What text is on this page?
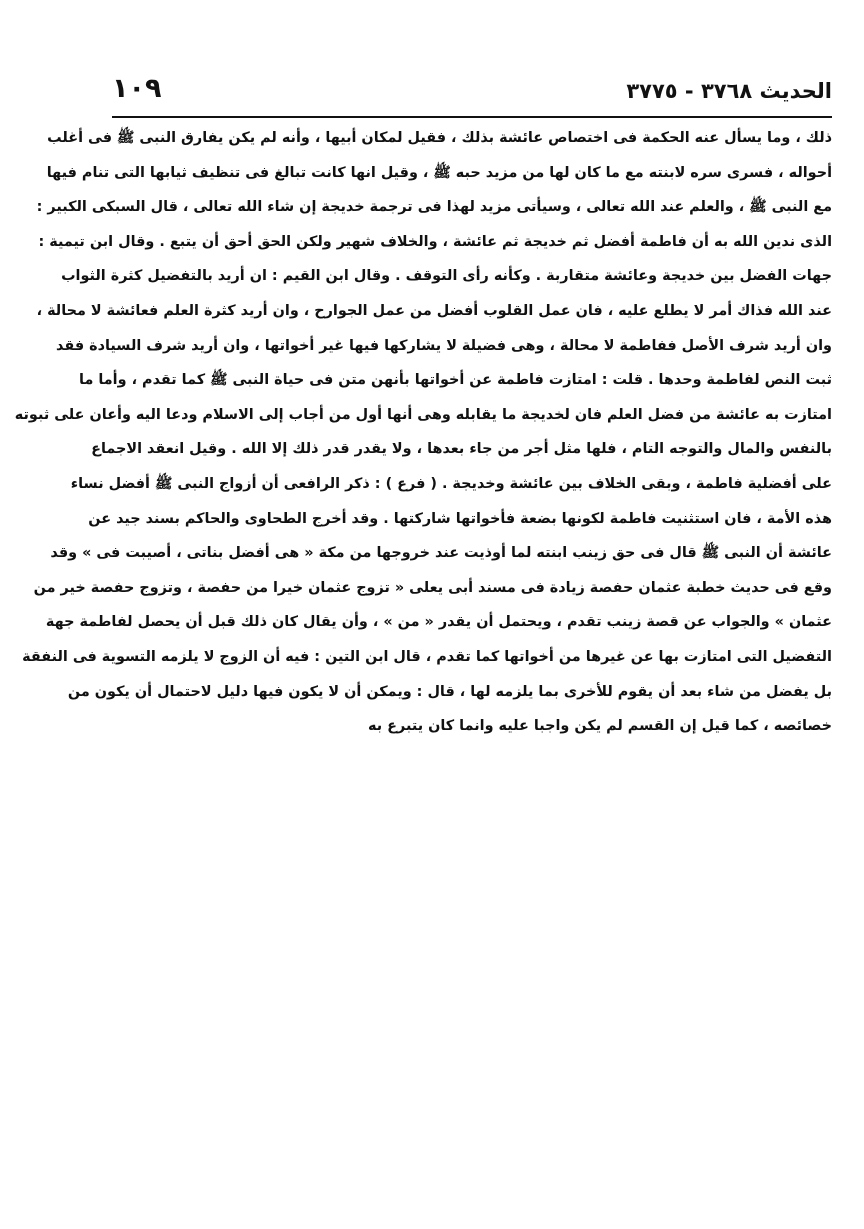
الحديث ٣٧٦٨ - ٣٧٧٥
١٠٩
ذلك ، وما يسأل عنه الحكمة فى اختصاص عائشة بذلك ، فقيل لمكان أبيها ، وأنه لم يكن يفارق النبى ﷺ فى أغلب
أحواله ، فسرى سره لابنته مع ما كان لها من مزيد حبه ﷺ ، وقيل انها كانت تبالغ فى تنظيف ثيابها التى تنام فيها
مع النبى ﷺ ، والعلم عند الله تعالى ، وسيأتى مزيد لهذا فى ترجمة خديجة إن شاء الله تعالى ، قال السبكى الكبير :
الذى ندين الله به أن فاطمة أفضل ثم خديجة ثم عائشة ، والخلاف شهير ولكن الحق أحق أن يتبع . وقال ابن تيمية :
جهات الفضل بين خديجة وعائشة متقاربة . وكأنه رأى التوقف . وقال ابن القيم : ان أريد بالتفضيل كثرة الثواب
عند الله فذاك أمر لا يطلع عليه ، فان عمل القلوب أفضل من عمل الجوارح ، وان أريد كثرة العلم فعائشة لا محالة ،
وان أريد شرف الأصل ففاطمة لا محالة ، وهى فضيلة لا يشاركها فيها غير أخواتها ، وان أريد شرف السيادة فقد
ثبت النص لفاطمة وحدها . قلت : امتازت فاطمة عن أخواتها بأنهن متن فى حياة النبى ﷺ كما تقدم ، وأما ما
امتازت به عائشة من فضل العلم فان لخديجة ما يقابله وهى أنها أول من أجاب إلى الاسلام ودعا اليه وأعان على ثبوته
بالنفس والمال والتوجه التام ، فلها مثل أجر من جاء بعدها ، ولا يقدر قدر ذلك إلا الله . وقيل انعقد الاجماع
على أفضلية فاطمة ، وبقى الخلاف بين عائشة وخديجة . ( فرع ) : ذكر الرافعى أن أزواج النبى ﷺ أفضل نساء
هذه الأمة ، فان استثنيت فاطمة لكونها بضعة فأخواتها شاركتها . وقد أخرج الطحاوى والحاكم بسند جيد عن
عائشة أن النبى ﷺ قال فى حق زينب ابنته لما أوذيت عند خروجها من مكة « هى أفضل بناتى ، أصيبت فى » وقد
وقع فى حديث خطبة عثمان حفصة زيادة فى مسند أبى يعلى « تزوج عثمان خيرا من حفصة ، وتزوج حفصة خير من
عثمان » والجواب عن قصة زينب تقدم ، ويحتمل أن يقدر « من » ، وأن يقال كان ذلك قبل أن يحصل لفاطمة جهة
التفضيل التى امتازت بها عن غيرها من أخواتها كما تقدم ، قال ابن التين : فيه أن الزوج لا يلزمه التسوية فى النفقة
بل يفضل من شاء بعد أن يقوم للأخرى بما يلزمه لها ، قال : ويمكن أن لا يكون فيها دليل لاحتمال أن يكون من
خصائصه ، كما قيل إن القسم لم يكن واجبا عليه وانما كان يتبرع به
